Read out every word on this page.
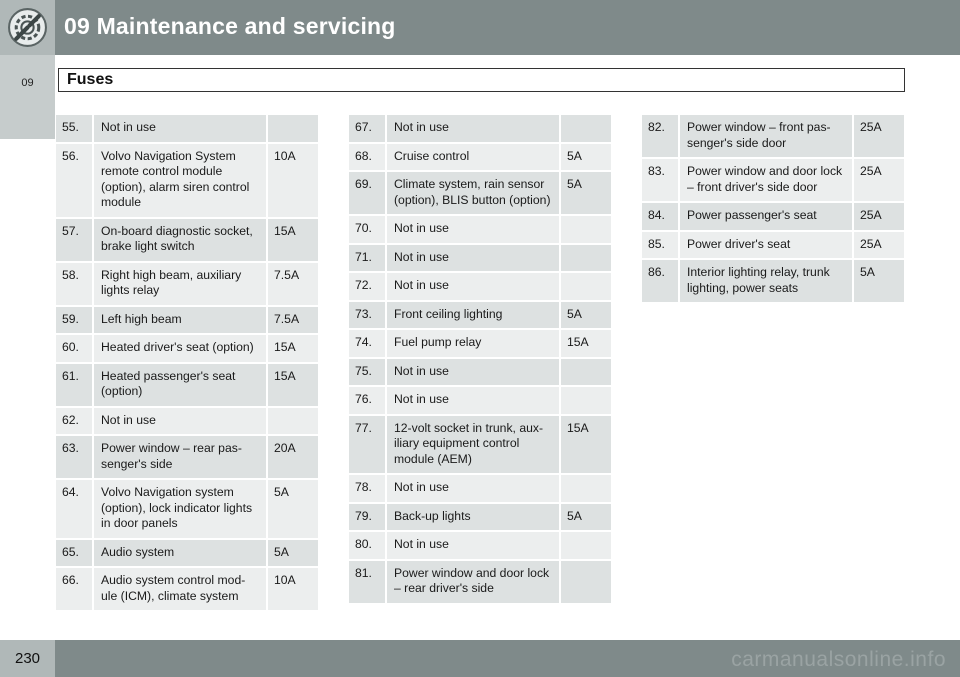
09 Maintenance and servicing
09	Fuses
55.	Not in use	
56.	Volvo Navigation System remote control module (option), alarm siren control module	10A
57.	On-board diagnostic socket, brake light switch	15A
58.	Right high beam, auxiliary lights relay	7.5A
59.	Left high beam	7.5A
60.	Heated driver's seat (option)	15A
61.	Heated passenger's seat (option)	15A
62.	Not in use	
63.	Power window – rear pas- senger's side	20A
64.	Volvo Navigation system (option), lock indicator lights in door panels	5A
65.	Audio system	5A
66.	Audio system control mod- ule (ICM), climate system	10A
67.	Not in use	
68.	Cruise control	5A
69.	Climate system, rain sensor (option), BLIS button (option)	5A
70.	Not in use	
71.	Not in use	
72.	Not in use	
73.	Front ceiling lighting	5A
74.	Fuel pump relay	15A
75.	Not in use	
76.	Not in use	
77.	12-volt socket in trunk, aux- iliary equipment control module (AEM)	15A
78.	Not in use	
79.	Back-up lights	5A
80.	Not in use	
81.	Power window and door lock – rear driver's side	
82.	Power window – front pas- senger's side door	25A
83.	Power window and door lock – front driver's side door	25A
84.	Power passenger's seat	25A
85.	Power driver's seat	25A
86.	Interior lighting relay, trunk lighting, power seats	5A
230	carmanualsonline.info
